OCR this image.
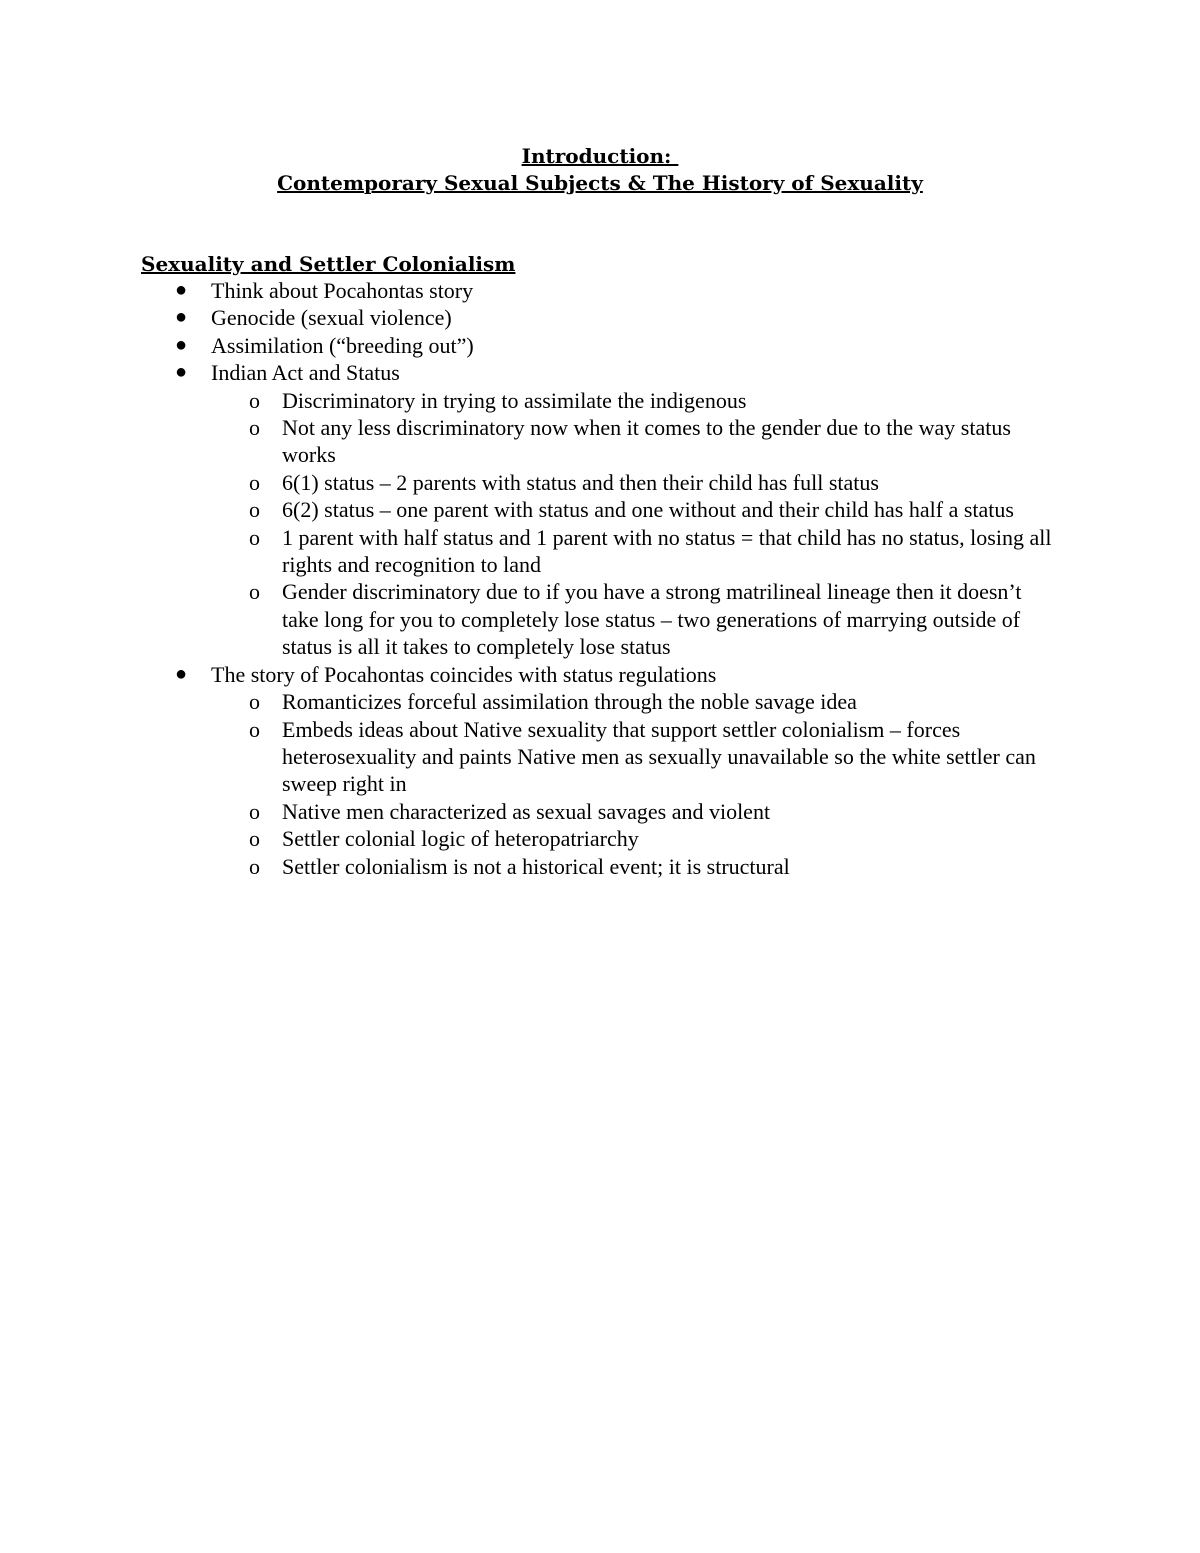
Introduction:
Contemporary Sexual Subjects & The History of Sexuality
Sexuality and Settler Colonialism
● Think about Pocahontas story
● Genocide (sexual violence)
● Assimilation (“breeding out”)
● Indian Act and Status
o Discriminatory in trying to assimilate the indigenous
o Not any less discriminatory now when it comes to the gender due to the way status works
o 6(1) status – 2 parents with status and then their child has full status
o 6(2) status – one parent with status and one without and their child has half a status
o 1 parent with half status and 1 parent with no status = that child has no status, losing all rights and recognition to land
o Gender discriminatory due to if you have a strong matrilineal lineage then it doesn’t take long for you to completely lose status – two generations of marrying outside of status is all it takes to completely lose status
● The story of Pocahontas coincides with status regulations
o Romanticizes forceful assimilation through the noble savage idea
o Embeds ideas about Native sexuality that support settler colonialism – forces heterosexuality and paints Native men as sexually unavailable so the white settler can sweep right in
o Native men characterized as sexual savages and violent
o Settler colonial logic of heteropatriarchy
o Settler colonialism is not a historical event; it is structural
